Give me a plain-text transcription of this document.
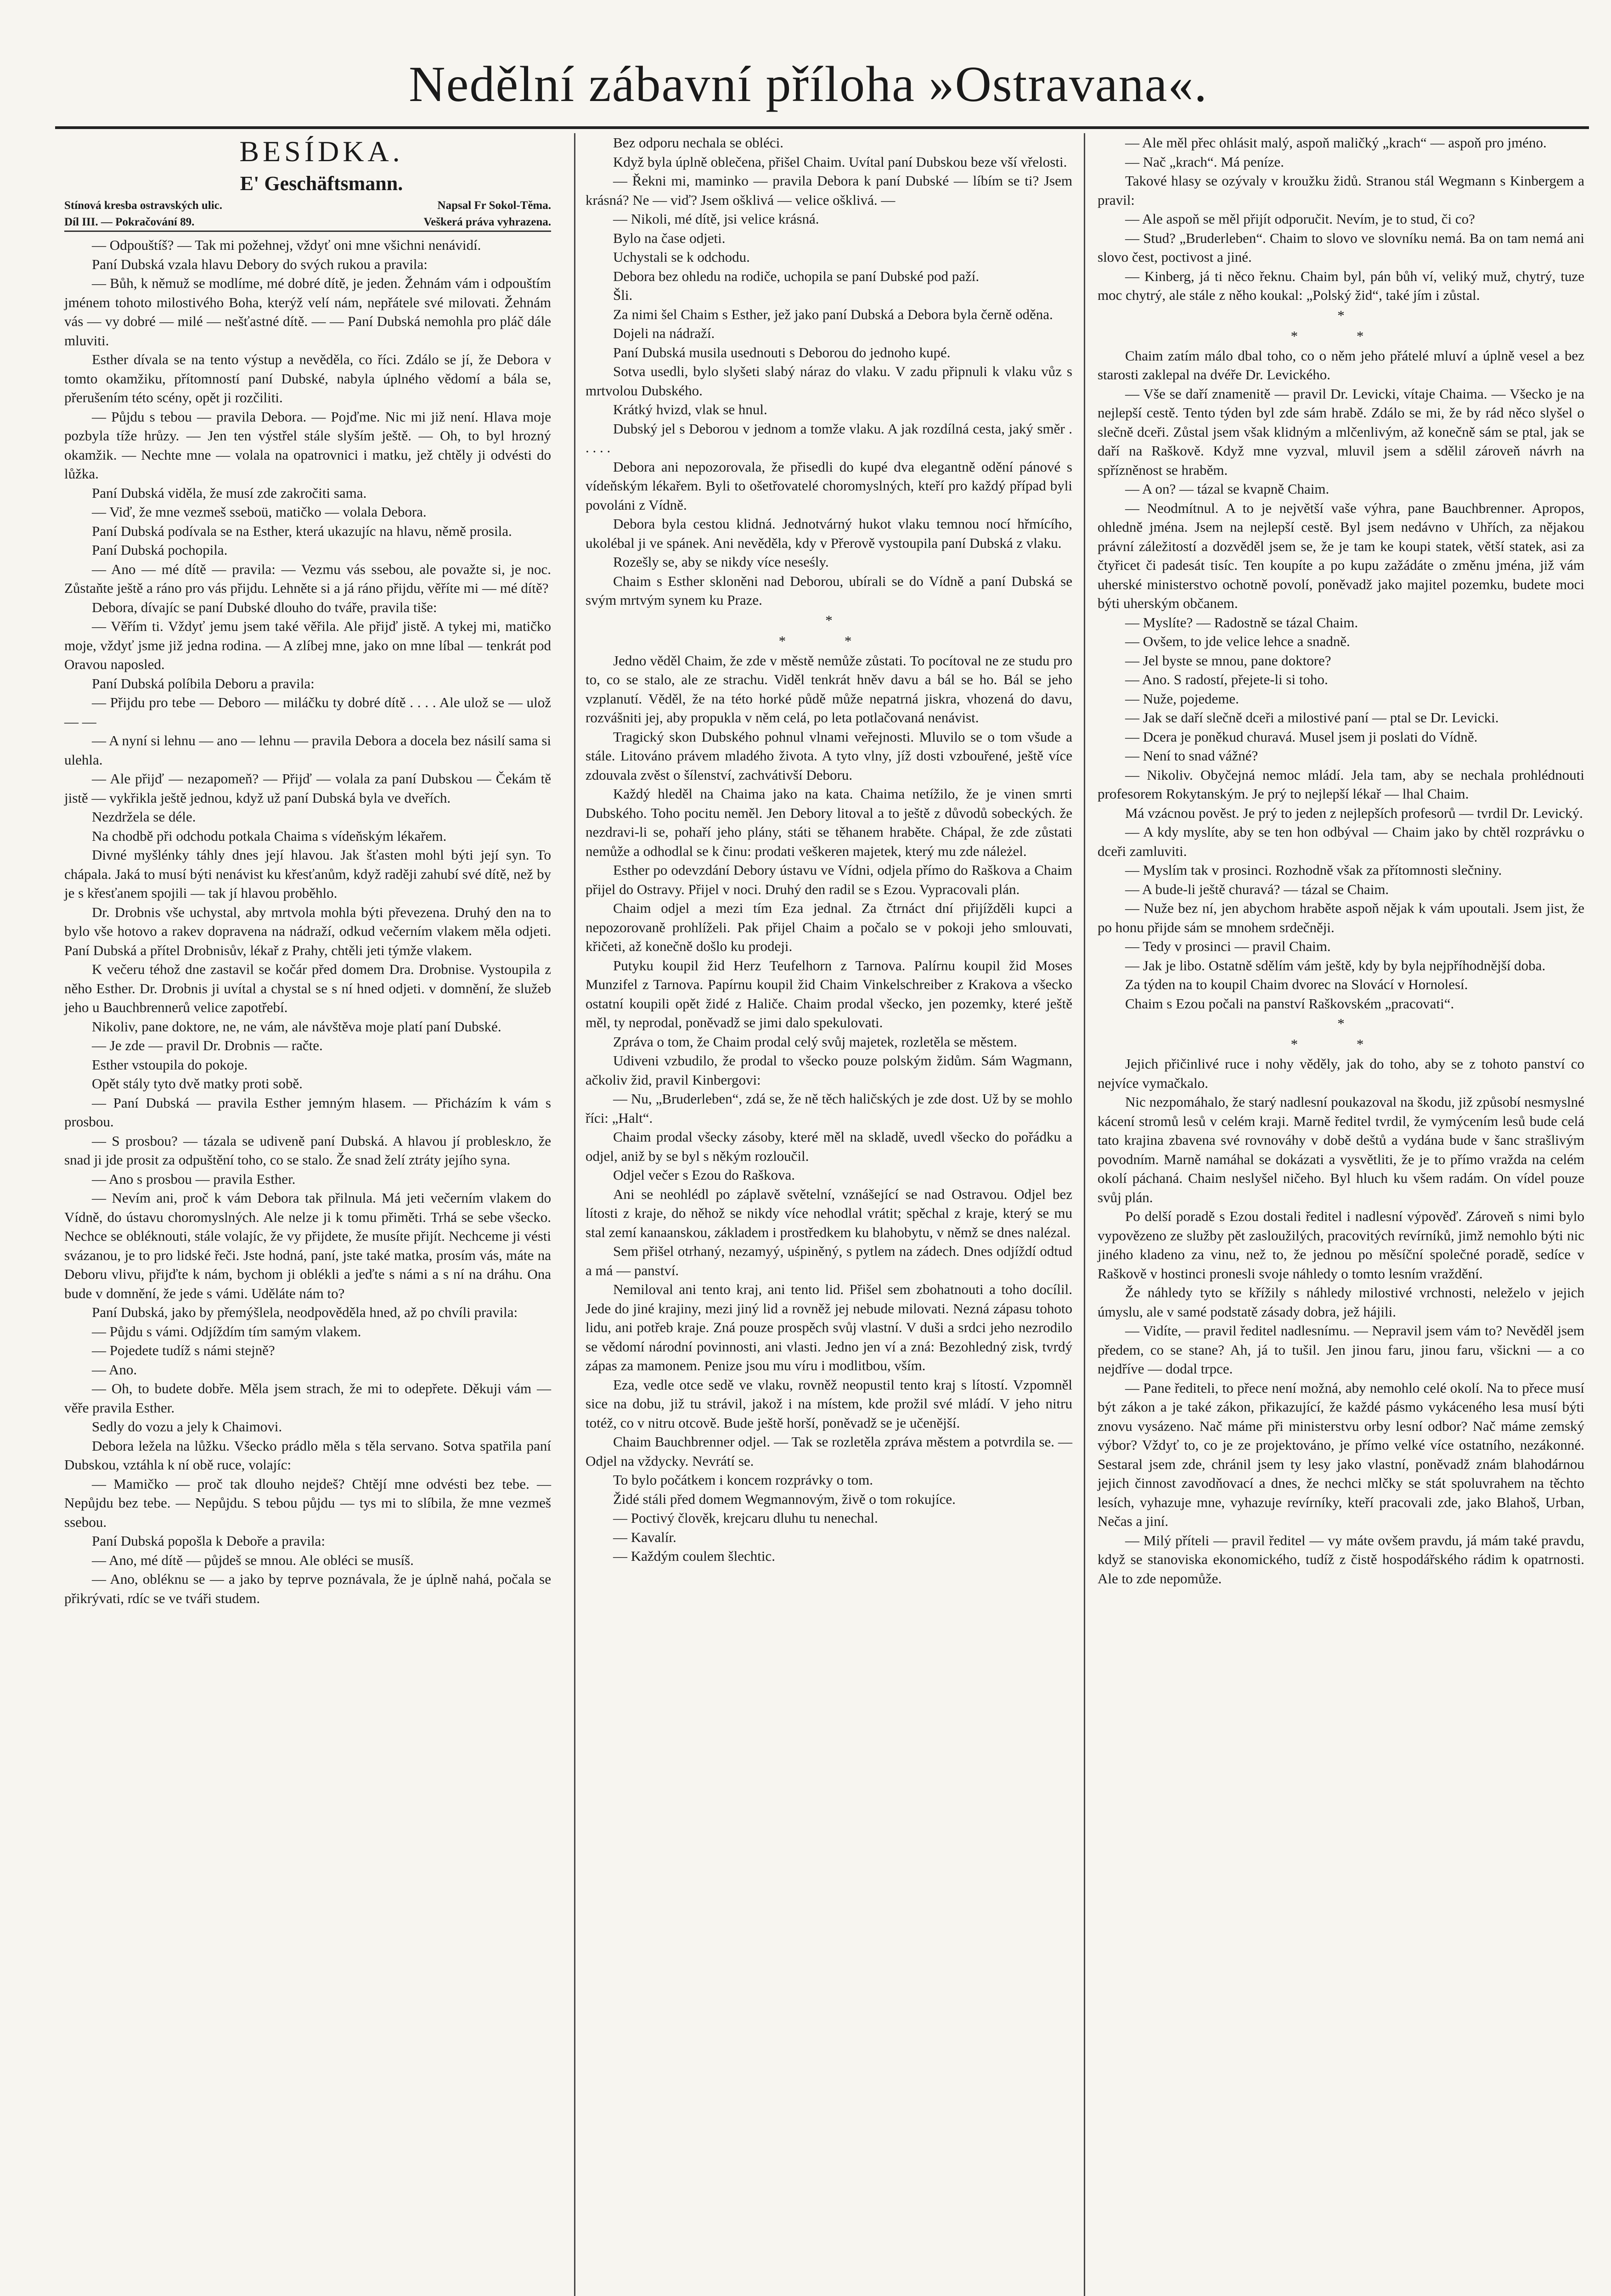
Nedělní zábavní příloha »Ostravana«.

BESÍDKA.

E' Geschäftsmann.

Stínová kresba ostravských ulic.	Napsal Fr Sokol-Těma.
Díl III. — Pokračování 89.	Veškerá práva vyhrazena.

— Odpouštíš? — Tak mi požehnej, vždyť oni mne všichni nenávidí.

Paní Dubská vzala hlavu Debory do svých rukou a pravila:

— Bůh, k němuž se modlíme, mé dobré dítě, je jeden. Žehnám vám i odpouštím jménem tohoto milostivého Boha, kterýž velí nám, nepřátele své milovati. Žehnám vás — vy dobré — milé — nešťastné dítě. — — Paní Dubská nemohla pro pláč dále mluviti.

Esther dívala se na tento výstup a nevěděla, co říci. Zdálo se jí, že Debora v tomto okamžiku, přítomností paní Dubské, nabyla úplného vědomí a bála se, přerušením této scény, opět ji rozčiliti.

— Půjdu s tebou — pravila Debora. — Pojďme. Nic mi již není. Hlava moje pozbyla tíže hrůzy. — Jen ten výstřel stále slyším ještě. — Oh, to byl hrozný okamžik. — Nechte mne — volala na opatrovnici i matku, jež chtěly ji odvésti do lůžka.

Paní Dubská viděla, že musí zde zakročiti sama.

— Viď, že mne vezmeš sseboü, matičko — volala Debora.

Paní Dubská podívala se na Esther, která ukazujíc na hlavu, němě prosila.

Paní Dubská pochopila.

— Ano — mé dítě — pravila: — Vezmu vás ssebou, ale považte si, je noc. Zůstaňte ještě a ráno pro vás přijdu. Lehněte si a já ráno přijdu, věříte mi — mé dítě?

Debora, dívajíc se paní Dubské dlouho do tváře, pravila tiše:

— Věřím ti. Vždyť jemu jsem také věřila. Ale přijď jistě. A tykej mi, matičko moje, vždyť jsme již jedna rodina. — A zlíbej mne, jako on mne líbal — tenkrát pod Oravou naposled.

Paní Dubská políbila Deboru a pravila:

— Přijdu pro tebe — Deboro — miláčku ty dobré dítě . . . . Ale ulož se — ulož — —

— A nyní si lehnu — ano — lehnu — pravila Debora a docela bez násilí sama si ulehla.

— Ale přijď — nezapomeň? — Přijď — volala za paní Dubskou — Čekám tě jistě — vykřikla ještě jednou, když už paní Dubská byla ve dveřích.

Nezdržela se déle.

Na chodbě při odchodu potkala Chaima s vídeňským lékařem.

Divné myšlénky táhly dnes její hlavou. Jak šťasten mohl býti její syn. To chápala. Jaká to musí býti nenávist ku křesťanům, když raději zahubí své dítě, než by je s křesťanem spojili — tak jí hlavou proběhlo.

Dr. Drobnis vše uchystal, aby mrtvola mohla býti převezena. Druhý den na to bylo vše hotovo a rakev dopravena na nádraží, odkud večerním vlakem měla odjeti. Paní Dubská a přítel Drobnisův, lékař z Prahy, chtěli jeti týmže vlakem.

K večeru téhož dne zastavil se kočár před domem Dra. Drobnise. Vystoupila z něho Esther. Dr. Drobnis ji uvítal a chystal se s ní hned odjeti. v domnění, že služeb jeho u Bauchbrennerů velice zapotřebí.

Nikoliv, pane doktore, ne, ne vám, ale návštěva moje platí paní Dubské.

— Je zde — pravil Dr. Drobnis — račte.

Esther vstoupila do pokoje.

Opět stály tyto dvě matky proti sobě.

— Paní Dubská — pravila Esther jemným hlasem. — Přicházím k vám s prosbou.

— S prosbou? — tázala se udiveně paní Dubská. A hlavou jí probleskло, že snad ji jde prosit za odpuštění toho, co se stalo. Že snad želí ztráty jejího syna.

— Ano s prosbou — pravila Esther.

— Nevím ani, proč k vám Debora tak přilnula. Má jeti večerním vlakem do Vídně, do ústavu choromyslných. Ale nelze ji k tomu přiměti. Trhá se sebe všecko. Nechce se obléknouti, stále volajíc, že vy přijdete, že musíte přijít. Nechceme ji vésti svázanou, je to pro lidské řeči. Jste hodná, paní, jste také matka, prosím vás, máte na Deboru vlivu, přijďte k nám, bychom ji oblékli a jeďte s námi a s ní na dráhu. Ona bude v domnění, že jede s vámi. Uděláte nám to?

Paní Dubská, jako by přemýšlela, neodpověděla hned, až po chvíli pravila:

— Půjdu s vámi. Odjíždím tím samým vlakem.

— Pojedete tudíž s námi stejně?

— Ano.

— Oh, to budete dobře. Měla jsem strach, že mi to odepřete. Děkuji vám — věře pravila Esther.

Sedly do vozu a jely k Chaimovi.

Debora ležela na lůžku. Všecko prádlo měla s těla servano. Sotva spatřila paní Dubskou, vztáhla k ní obě ruce, volajíc:

— Mamičko — proč tak dlouho nejdeš? Chtějí mne odvésti bez tebe. — Nepůjdu bez tebe. — Nepůjdu. S tebou půjdu — tys mi to slíbila, že mne vezmeš ssebou.

Paní Dubská popošla k Deboře a pravila:

— Ano, mé dítě — půjdeš se mnou. Ale obléci se musíš.

— Ano, obléknu se — a jako by teprve poznávala, že je úplně nahá, počala se přikrývati, rdíc se ve tváři studem.

Bez odporu nechala se obléci.

Když byla úplně oblečena, přišel Chaim. Uvítal paní Dubskou beze vší vřelosti.

— Řekni mi, maminko — pravila Debora k paní Dubské — líbím se ti? Jsem krásná? Ne — viď? Jsem ošklivá — velice ošklivá. —

— Nikoli, mé dítě, jsi velice krásná.

Bylo na čase odjeti.

Uchystali se k odchodu.

Debora bez ohledu na rodiče, uchopila se paní Dubské pod paží.

Šli.

Za nimi šel Chaim s Esther, jež jako paní Dubská a Debora byla černě oděna.

Dojeli na nádraží.

Paní Dubská musila usednouti s Deborou do jednoho kupé.

Sotva usedli, bylo slyšeti slabý náraz do vlaku. V zadu připnuli k vlaku vůz s mrtvolou Dubského.

Krátký hvizd, vlak se hnul.

Dubský jel s Deborou v jednom a tomže vlaku. A jak rozdílná cesta, jaký směr . . . . .

Debora ani nepozorovala, že přisedli do kupé dva elegantně odění pánové s vídeňským lékařem. Byli to ošetřovatelé choromyslných, kteří pro každý případ byli povoláni z Vídně.

Debora byla cestou klidná. Jednotvárný hukot vlaku temnou nocí hřmícího, ukolébal ji ve spánek. Ani nevěděla, kdy v Přerově vystoupila paní Dubská z vlaku.

Rozešly se, aby se nikdy více neseśly.

Chaim s Esther skloněni nad Deborou, ubírali se do Vídně a paní Dubská se svým mrtvým synem ku Praze.

*
* *

Jedno věděl Chaim, že zde v městě nemůže zůstati. To pocítoval ne ze studu pro to, co se stalo, ale ze strachu. Viděl tenkrát hněv davu a bál se ho. Bál se jeho vzplanutí. Věděl, že na této horké půdě může nepatrná jiskra, vhozená do davu, rozvášniti jej, aby propukla v něm celá, po leta potlačovaná nenávist.

Tragický skon Dubského pohnul vlnami veřejnosti. Mluvilo se o tom všude a stále. Litováno právem mladého života. A tyto vlny, jíž dosti vzbouřené, ještě více zdouvala zvěst o šílenství, zachvátivší Deboru.

Každý hleděl na Chaima jako na kata. Chaima netížilo, že je vinen smrti Dubského. Toho pocitu neměl. Jen Debory litoval a to ještě z důvodů sobeckých. že nezdravi-li se, pohaří jeho plány, státi se těhanem hraběte. Chápal, že zde zůstati nemůže a odhodlal se k činu: prodati veškeren majetek, který mu zde náleżel.

Esther po odevzdání Debory ústavu ve Vídni, odjela přímo do Raškova a Chaim přijel do Ostravy. Přijel v noci. Druhý den radil se s Ezou. Vypracovali plán.

Chaim odjel a mezi tím Eza jednal. Za čtrnáct dní přijížděli kupci a nepozorovaně prohlíželi. Pak přijel Chaim a počalo se v pokoji jeho smlouvati, křičeti, až konečně došlo ku prodeji.

Putyku koupil žid Herz Teufelhorn z Tarnova. Palírnu koupil žid Moses Munzifel z Tarnova. Papírnu koupil žid Chaim Vinkelschreiber z Krakova a všecko ostatní koupili opět židé z Haliče. Chaim prodal všecko, jen pozemky, které ještě měl, ty neprodal, poněvadž se jimi dalo spekulovati.

Zpráva o tom, že Chaim prodal celý svůj majetek, rozletěla se městem.

Udiveni vzbudilo, že prodal to všecko pouze polským židům. Sám Wagmann, ačkoliv žid, pravil Kinbergovi:

— Nu, „Bruderleben“, zdá se, že ně těch haličských je zde dost. Už by se mohlo říci: „Halt“.

Chaim prodal všecky zásoby, které měl na skladě, uvedl všecko do pořádku a odjel, aniž by se byl s někým rozloučil.

Odjel večer s Ezou do Raškova.

Ani se neohlédl po záplavě světelní, vznášející se nad Ostravou. Odjel bez lítosti z kraje, do něhož se nikdy více nehodlal vrátit; spěchal z kraje, který se mu stal zemí kanaanskou, základem i prostředkem ku blahobytu, v němž se dnes nalézal.

Sem přišel otrhaný, nezamyý, uśpiněný, s pytlem na zádech. Dnes odjíždí odtud a má — panství.

Nemiloval ani tento kraj, ani tento lid. Přišel sem zbohatnouti a toho docílil. Jede do jiné krajiny, mezi jiný lid a rovněž jej nebude milovati. Nezná zápasu tohoto lidu, ani potřeb kraje. Zná pouze prospěch svůj vlastní. V duši a srdci jeho nezrodilo se vědomí národní povinnosti, ani vlasti. Jedno jen ví a zná: Bezohledný zisk, tvrdý zápas za mamonem. Penize jsou mu víru i modlitbou, vším.

Eza, vedle otce sedě ve vlaku, rovněž neopustil tento kraj s lítostí. Vzpomněl sice na dobu, již tu strávil, jakož i na místem, kde prožil své mládí. V jeho nitru totéž, co v nitru otcově. Bude ještě horší, poněvadž se je učenější.

Chaim Bauchbrenner odjel. — Tak se rozletěla zpráva městem a potvrdila se. — Odjel na vždycky. Nevrátí se.

To bylo počátkem i koncem rozprávky o tom.

Židé stáli před domem Wegmannovým, živě o tom rokujíce.

— Poctivý člověk, krejcaru dluhu tu nenechal.

— Kavalír.

— Každým coulem šlechtic.

— Ale měl přec ohlásit malý, aspoň maličký „krach“ — aspoň pro jméno.

— Nač „krach“. Má peníze.

Takové hlasy se ozývaly v kroužku židů. Stranou stál Wegmann s Kinbergem a pravil:

— Ale aspoň se měl přijít odporučit. Nevím, je to stud, či co?

— Stud? „Bruderleben“. Chaim to slovo ve slovníku nemá. Ba on tam nemá ani slovo čest, poctivost a jiné.

— Kinberg, já ti něco řeknu. Chaim byl, pán bůh ví, veliký muž, chytrý, tuze moc chytrý, ale stále z něho koukal: „Polský žid“, také jím i zůstal.

*
* *

Chaim zatím málo dbal toho, co o něm jeho přátelé mluví a úplně vesel a bez starosti zaklepal na dvéře Dr. Levického.

— Vše se daří znamenitě — pravil Dr. Levicki, vítaje Chaima. — Všecko je na nejlepší cestě. Tento týden byl zde sám hrabě. Zdálo se mi, že by rád něco slyšel o slečně dceři. Zůstal jsem však klidným a mlčenlivým, až konečně sám se ptal, jak se daří na Raškově. Když mne vyzval, mluvil jsem a sdělil zároveň návrh na spřízněnost se hraběm.

— A on? — tázal se kvapně Chaim.

— Neodmítnul. A to je největší vaše výhra, pane Bauchbrenner. Apropos, ohledně jména. Jsem na nejlepší cestě. Byl jsem nedávno v Uhřích, za nějakou právní záležitostí a dozvěděl jsem se, že je tam ke koupi statek, větší statek, asi za čtyřicet či padesát tisíc. Ten koupíte a po kupu zažádáte o změnu jména, již vám uherské ministerstvo ochotně povolí, poněvadž jako majitel pozemku, budete moci býti uherským občanem.

— Myslíte? — Radostně se tázal Chaim.

— Ovšem, to jde velice lehce a snadně.

— Jel byste se mnou, pane doktore?

— Ano. S radostí, přejete-li si toho.

— Nuže, pojedeme.

— Jak se daří slečně dceři a milostivé paní — ptal se Dr. Levicki.

— Dcera je poněkud churavá. Musel jsem ji poslati do Vídně.

— Není to snad vážné?

— Nikoliv. Obyčejná nemoc mládí. Jela tam, aby se nechala prohlédnouti profesorem Rokytanským. Je prý to nejlepší lékař — lhal Chaim.

Má vzácnou pověst. Je prý to jeden z nejlepších profesorů — tvrdil Dr. Levický.

— A kdy myslíte, aby se ten hon odbýval — Chaim jako by chtěl rozprávku o dceři zamluviti.

— Myslím tak v prosinci. Rozhodně však za přítomnosti slečniny.

— A bude-li ještě churavá? — tázal se Chaim.

— Nuže bez ní, jen abychom hraběte aspoň nějak k vám upoutali. Jsem jist, že po honu přijde sám se mnohem srdečněji.

— Tedy v prosinci — pravil Chaim.

— Jak je libo. Ostatně sdělím vám ještě, kdy by byla nejpříhodnější doba.

Za týden na to koupil Chaim dvorec na Slovácí v Hornolesí.

Chaim s Ezou počali na panství Raškovském „pracovati“.

*
* *

Jejich přičinlivé ruce i nohy věděly, jak do toho, aby se z tohoto panství co nejvíce vymačkalo.

Nic nezpomáhalo, že starý nadlesní poukazoval na škodu, již způsobí nesmyslné kácení stromů lesů v celém kraji. Marně ředitel tvrdil, že vymýcením lesů bude celá tato krajina zbavena své rovnováhy v době deštů a vydána bude v šanc strašlivým povodním. Marně namáhal se dokázati a vysvětliti, že je to přímo vražda na celém okolí páchaná. Chaim neslyšel ničeho. Byl hluch ku všem radám. On vídel pouze svůj plán.

Po delší poradě s Ezou dostali ředitel i nadlesní výpověď. Zároveň s nimi bylo vypovězeno ze služby pět zasloužilých, pracovitých revírníků, jimž nemohlo býti nic jiného kladeno za vinu, než to, že jednou po měsíční společné poradě, sedíce v Raškově v hostinci pronesli svoje náhledy o tomto lesním vraždění.

Že náhledy tyto se křížily s náhledy milostivé vrchnosti, neleželo v jejich úmyslu, ale v samé podstatě zásady dobra, jež hájili.

— Vidíte, — pravil ředitel nadlesnímu. — Nepravil jsem vám to? Nevěděl jsem předem, co se stane? Ah, já to tušil. Jen jinou faru, jinou faru, všickni — a co nejdříve — dodal trpce.

— Pane řediteli, to přece není možná, aby nemohlo celé okolí. Na to přece musí být zákon a je také zákon, přikazující, že každé pásmo vykáceného lesa musí býti znovu vysázeno. Nač máme při ministerstvu orby lesní odbor? Nač máme zemský výbor? Vždyť to, co je ze projektováno, je přímo velké více ostatního, nezákonné. Sestaral jsem zde, chránil jsem ty lesy jako vlastní, poněvadž znám blahodárnou jejich činnost zavodňovací a dnes, že nechci mlčky se stát spoluvrahem na těchto lesích, vyhazuje mne, vyhazuje revírníky, kteří pracovali zde, jako Blahoš, Urban, Nečas a jiní.

— Milý příteli — pravil ředitel — vy máte ovšem pravdu, já mám také pravdu, když se stanoviska ekonomického, tudíž z čistě hospodářského rádim k opatrnosti. Ale to zde nepomůže.
